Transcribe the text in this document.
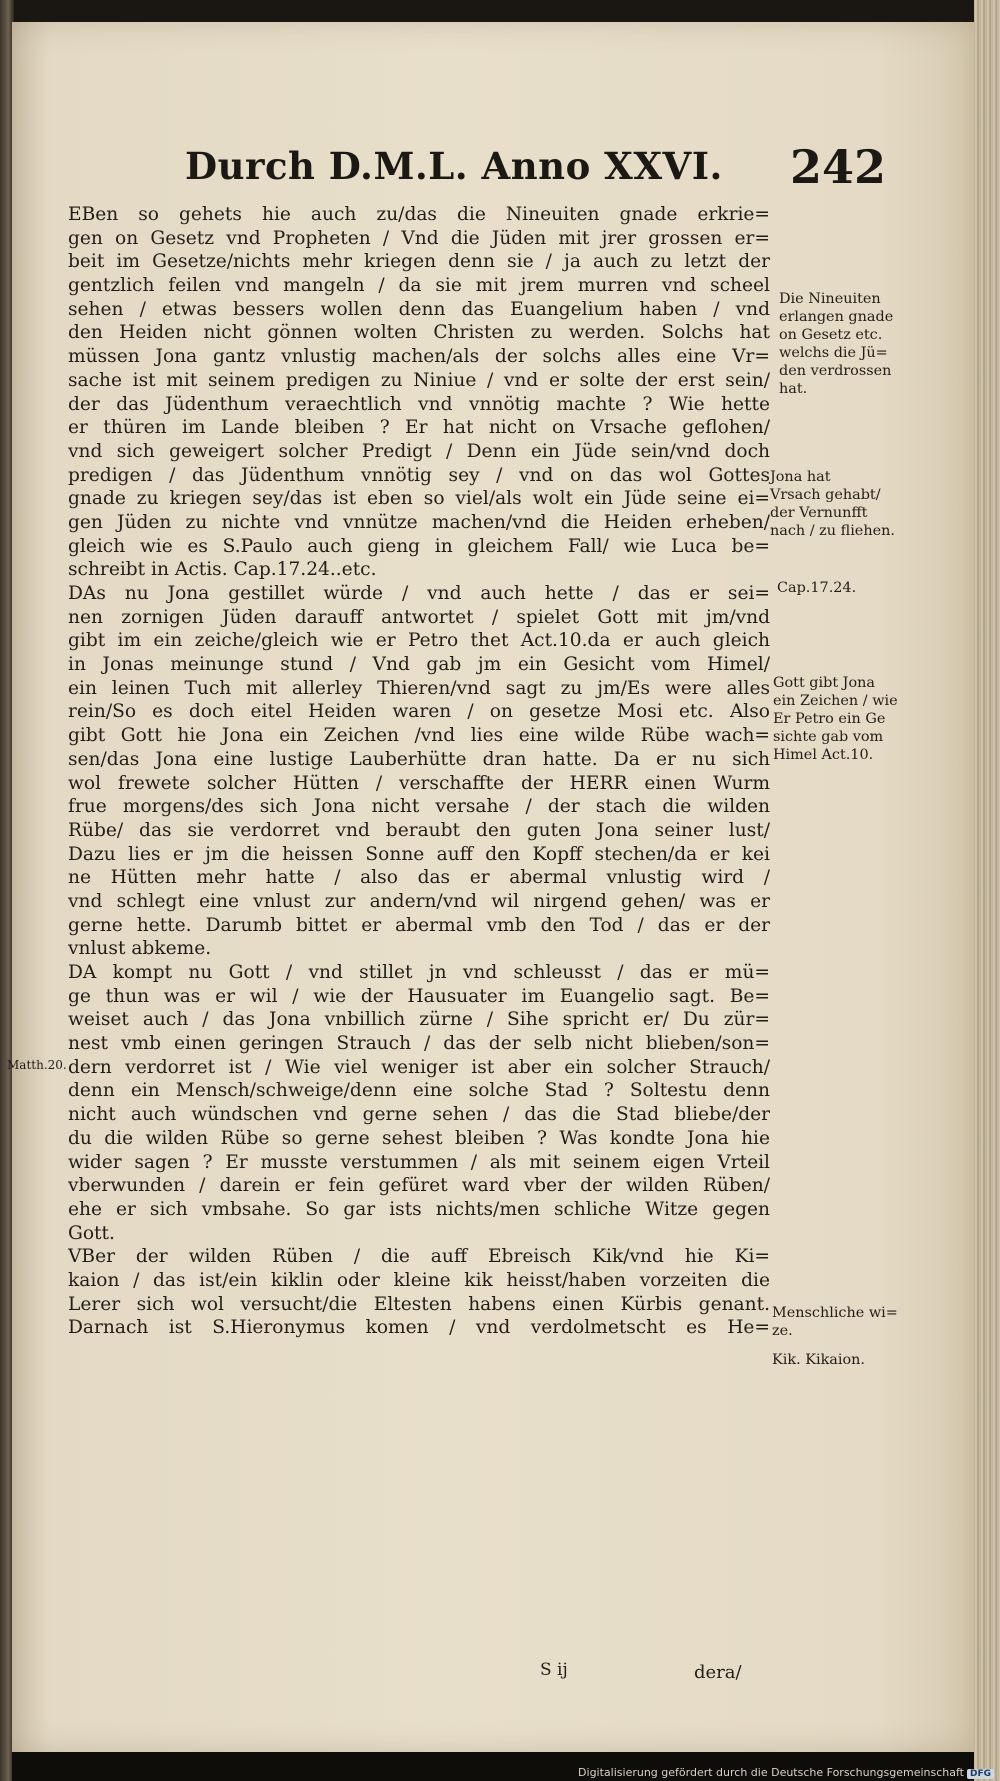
Durch D.M.L. Anno XXVI. 242
EBen so gehets hie auch zu/das die Nineuiten gnade erkrie=
gen on Gesetz vnd Propheten / Vnd die Jüden mit jrer grossen er=
beit im Gesetze/nichts mehr kriegen denn sie / ja auch zu letzt der
gentzlich feilen vnd mangeln / da sie mit jrem murren vnd scheel
sehen / etwas bessers wollen denn das Euangelium haben / vnd
den Heiden nicht gönnen wolten Christen zu werden. Solchs hat
müssen Jona gantz vnlustig machen/als der solchs alles eine Vr=
sache ist mit seinem predigen zu Niniue / vnd er solte der erst sein/
der das Jüdenthum veraechtlich vnd vnnötig machte ? Wie hette
er thüren im Lande bleiben ? Er hat nicht on Vrsache geflohen/
vnd sich geweigert solcher Predigt / Denn ein Jüde sein/vnd doch
predigen / das Jüdenthum vnnötig sey / vnd on das wol Gottes
gnade zu kriegen sey/das ist eben so viel/als wolt ein Jüde seine ei=
gen Jüden zu nichte vnd vnnütze machen/vnd die Heiden erheben/
gleich wie es S.Paulo auch gieng in gleichem Fall/ wie Luca be=
schreibt in Actis. Cap.17.24..etc.
DAs nu Jona gestillet würde / vnd auch hette / das er sei=
nen zornigen Jüden darauff antwortet / spielet Gott mit jm/vnd
gibt im ein zeiche/gleich wie er Petro thet Act.10.da er auch gleich
in Jonas meinunge stund / Vnd gab jm ein Gesicht vom Himel/
ein leinen Tuch mit allerley Thieren/vnd sagt zu jm/Es were alles
rein/So es doch eitel Heiden waren / on gesetze Mosi etc. Also
gibt Gott hie Jona ein Zeichen /vnd lies eine wilde Rübe wach=
sen/das Jona eine lustige Lauberhütte dran hatte. Da er nu sich
wol frewete solcher Hütten / verschaffte der HERR einen Wurm
frue morgens/des sich Jona nicht versahe / der stach die wilden
Rübe/ das sie verdorret vnd beraubt den guten Jona seiner lust/
Dazu lies er jm die heissen Sonne auff den Kopff stechen/da er kei
ne Hütten mehr hatte / also das er abermal vnlustig wird /
vnd schlegt eine vnlust zur andern/vnd wil nirgend gehen/ was er
gerne hette. Darumb bittet er abermal vmb den Tod / das er der
vnlust abkeme.
DA kompt nu Gott / vnd stillet jn vnd schleusst / das er mü=
ge thun was er wil / wie der Hausuater im Euangelio sagt. Be=
weiset auch / das Jona vnbillich zürne / Sihe spricht er/ Du zür=
nest vmb einen geringen Strauch / das der selb nicht blieben/son=
dern verdorret ist / Wie viel weniger ist aber ein solcher Strauch/
denn ein Mensch/schweige/denn eine solche Stad ? Soltestu denn
nicht auch wündschen vnd gerne sehen / das die Stad bliebe/der
du die wilden Rübe so gerne sehest bleiben ? Was kondte Jona hie
wider sagen ? Er musste verstummen / als mit seinem eigen Vrteil
vberwunden / darein er fein gefüret ward vber der wilden Rüben/
ehe er sich vmbsahe. So gar ists nichts/men schliche Witze gegen
Gott.
VBer der wilden Rüben / die auff Ebreisch Kik/vnd hie Ki=
kaion / das ist/ein kiklin oder kleine kik heisst/haben vorzeiten die
Lerer sich wol versucht/die Eltesten habens einen Kürbis genant.
Darnach ist S.Hieronymus komen / vnd verdolmetscht es He=
Die Nineuiten
erlangen gnade
on Gesetz etc.
welchs die Jü=
den verdrossen
hat.
Jona hat
Vrsach gehabt/
der Vernunfft
nach / zu fliehen.
Cap.17.24.
Gott gibt Jona
ein Zeichen / wie
Er Petro ein Ge
sichte gab vom
Himel Act.10.
Matth.20.
Menschliche wi=
ze.
Kik. Kikaion.
S ij	dera/
Digitalisierung gefördert durch die Deutsche Forschungsgemeinschaft DFG
